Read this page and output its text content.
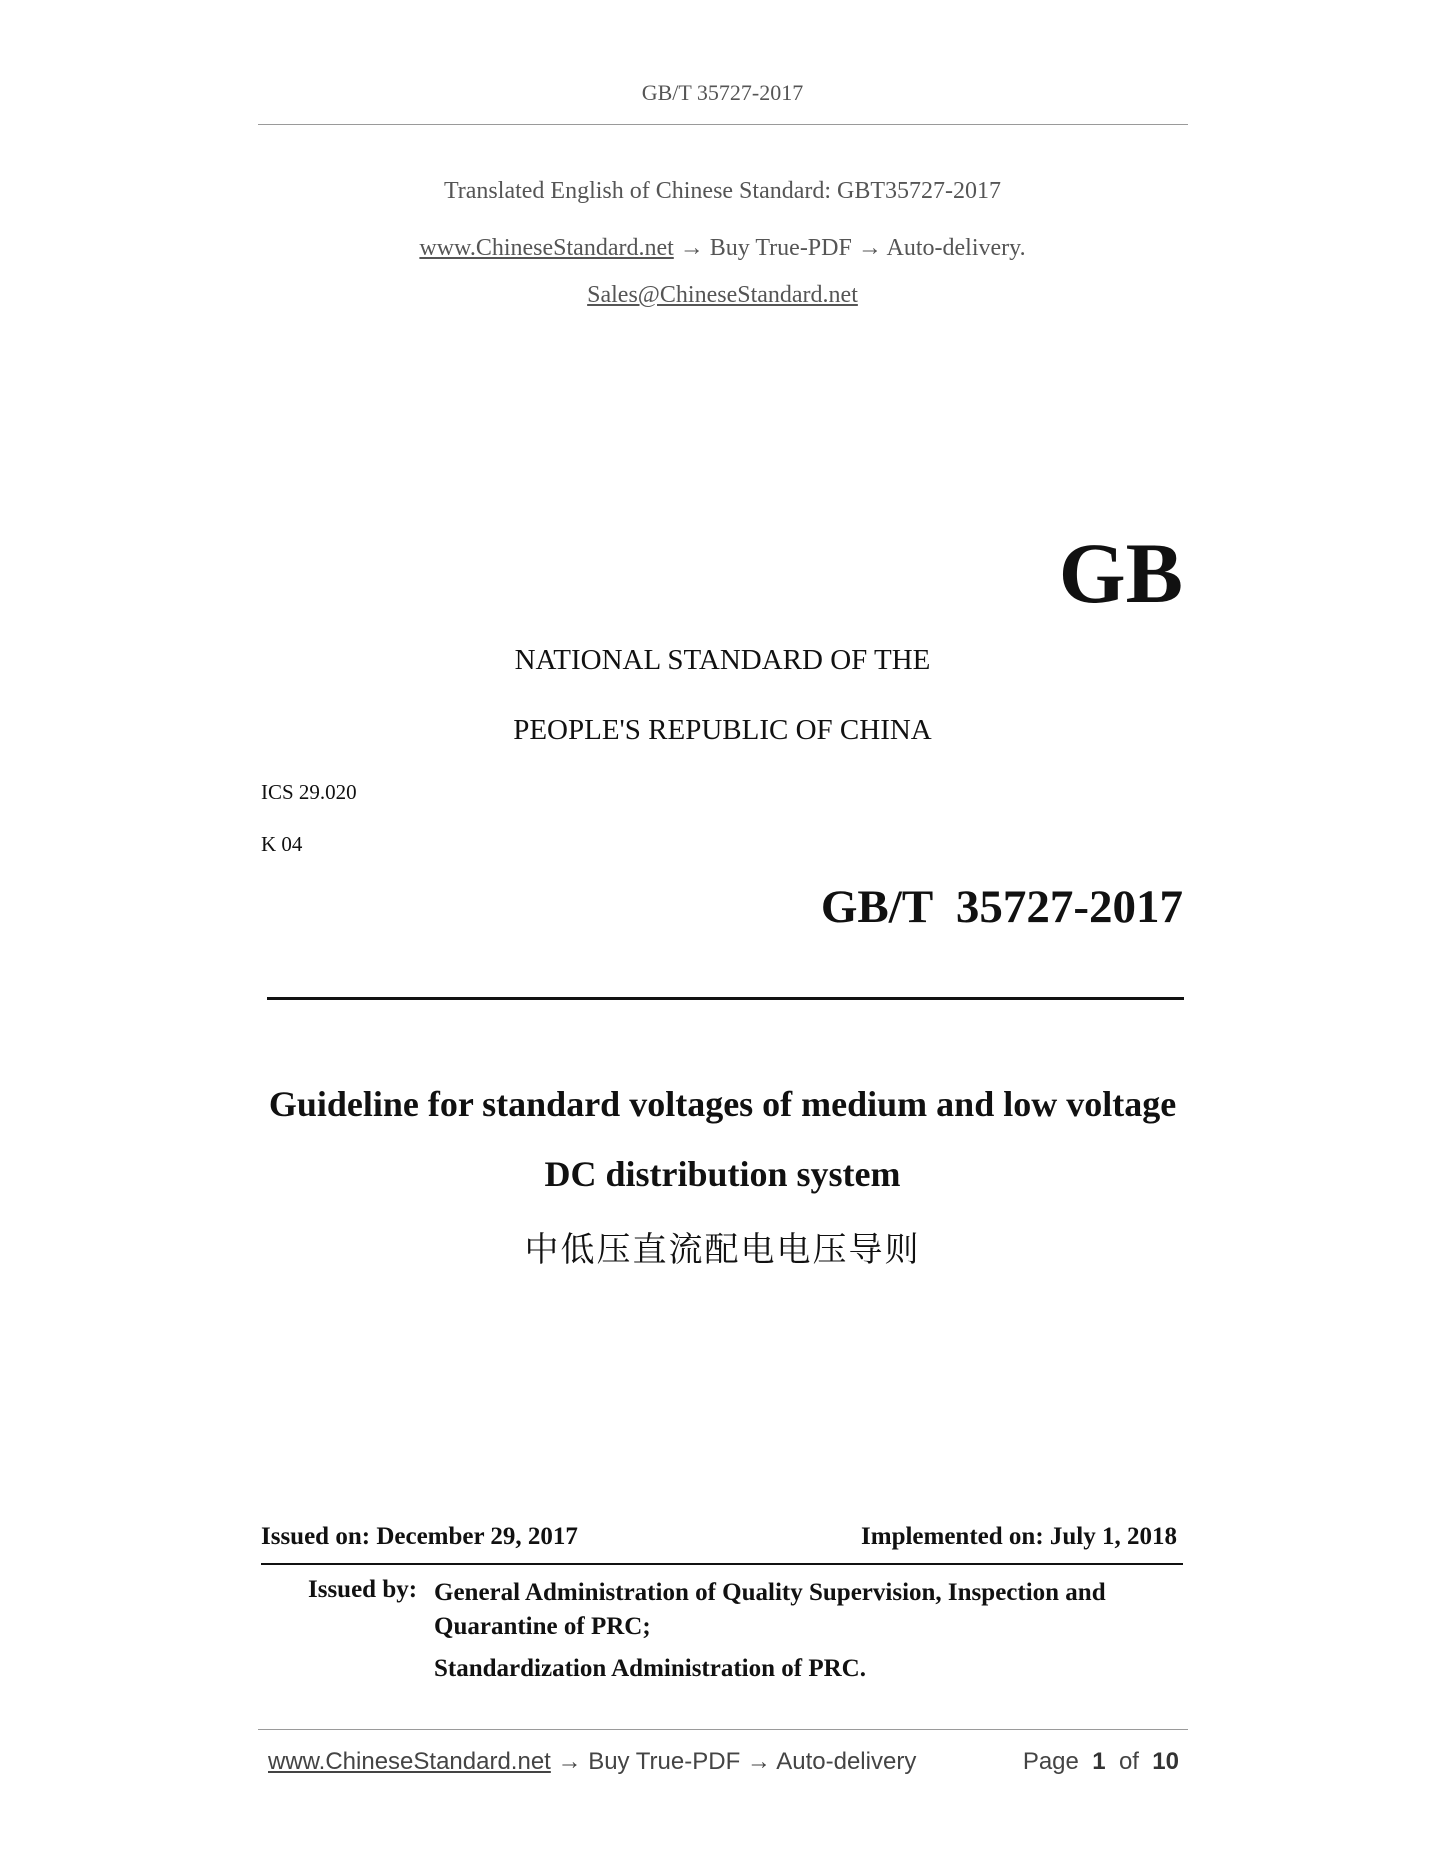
GB/T 35727-2017
Translated English of Chinese Standard: GBT35727-2017
www.ChineseStandard.net → Buy True-PDF → Auto-delivery.
Sales@ChineseStandard.net
GB
NATIONAL STANDARD OF THE
PEOPLE'S REPUBLIC OF CHINA
ICS 29.020
K 04
GB/T  35727-2017
Guideline for standard voltages of medium and low voltage
DC distribution system
中低压直流配电电压导则
Issued on: December 29, 2017	Implemented on: July 1, 2018
Issued by: General Administration of Quality Supervision, Inspection and
Quarantine of PRC;
Standardization Administration of PRC.
www.ChineseStandard.net → Buy True-PDF → Auto-delivery	Page 1 of 10
